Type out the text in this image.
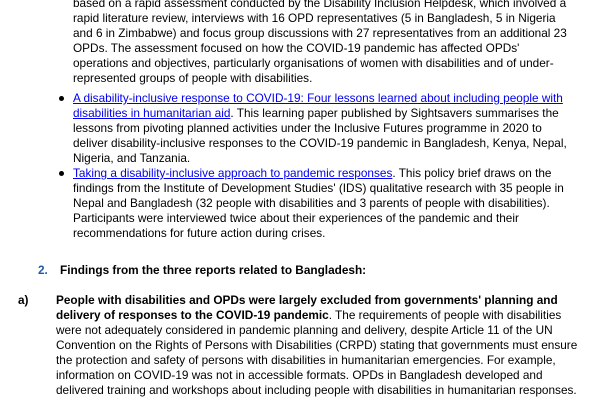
based on a rapid assessment conducted by the Disability Inclusion Helpdesk, which involved a rapid literature review, interviews with 16 OPD representatives (5 in Bangladesh, 5 in Nigeria and 6 in Zimbabwe) and focus group discussions with 27 representatives from an additional 23 OPDs. The assessment focused on how the COVID-19 pandemic has affected OPDs' operations and objectives, particularly organisations of women with disabilities and of under-represented groups of people with disabilities.

A disability-inclusive response to COVID-19: Four lessons learned about including people with disabilities in humanitarian aid. This learning paper published by Sightsavers summarises the lessons from pivoting planned activities under the Inclusive Futures programme in 2020 to deliver disability-inclusive responses to the COVID-19 pandemic in Bangladesh, Kenya, Nepal, Nigeria, and Tanzania.
Taking a disability-inclusive approach to pandemic responses. This policy brief draws on the findings from the Institute of Development Studies' (IDS) qualitative research with 35 people in Nepal and Bangladesh (32 people with disabilities and 3 parents of people with disabilities). Participants were interviewed twice about their experiences of the pandemic and their recommendations for future action during crises.
2. Findings from the three reports related to Bangladesh:
a) People with disabilities and OPDs were largely excluded from governments' planning and delivery of responses to the COVID-19 pandemic. The requirements of people with disabilities were not adequately considered in pandemic planning and delivery, despite Article 11 of the UN Convention on the Rights of Persons with Disabilities (CRPD) stating that governments must ensure the protection and safety of persons with disabilities in humanitarian emergencies. For example, information on COVID-19 was not in accessible formats. OPDs in Bangladesh developed and delivered training and workshops about including people with disabilities in humanitarian responses.
